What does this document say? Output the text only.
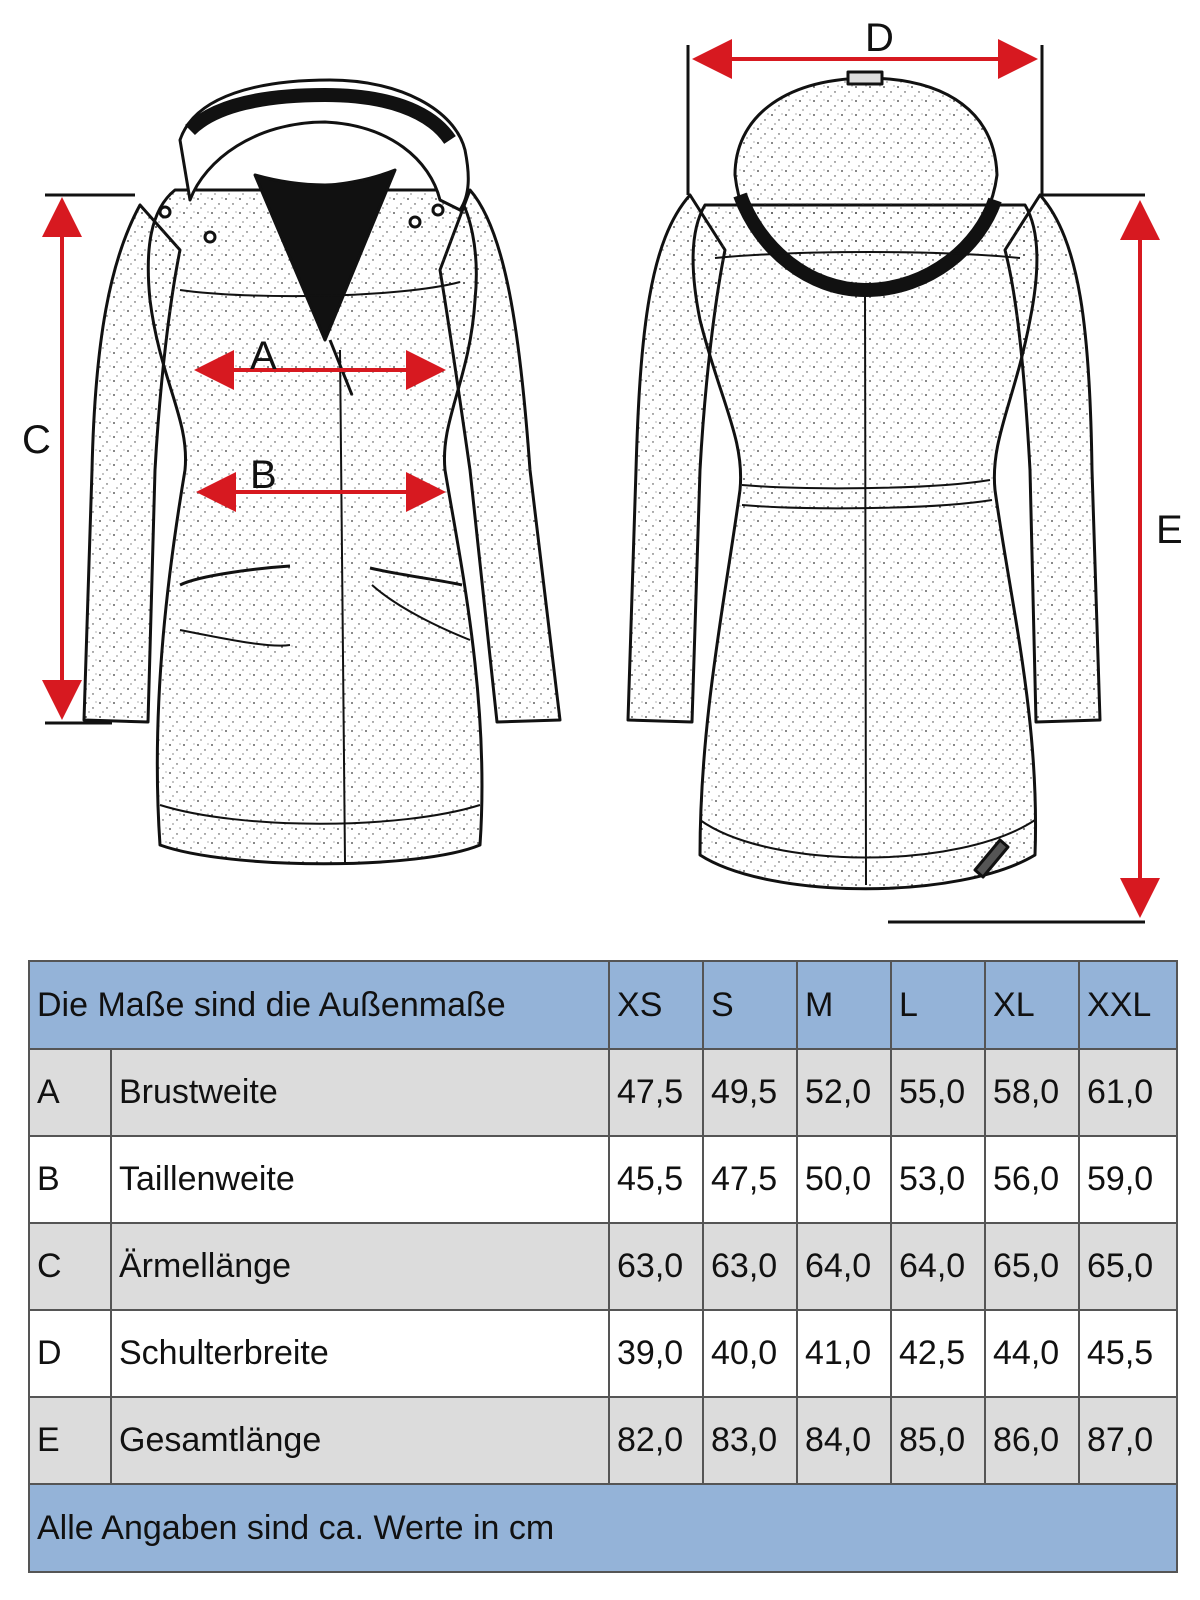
A
B
C
D
E
Die Maße sind die Außenmaße		XS	S	M	L	XL	XXL
A	Brustweite	47,5	49,5	52,0	55,0	58,0	61,0
B	Taillenweite	45,5	47,5	50,0	53,0	56,0	59,0
C	Ärmellänge	63,0	63,0	64,0	64,0	65,0	65,0
D	Schulterbreite	39,0	40,0	41,0	42,5	44,0	45,5
E	Gesamtlänge	82,0	83,0	84,0	85,0	86,0	87,0
Alle Angaben sind ca. Werte in cm							
